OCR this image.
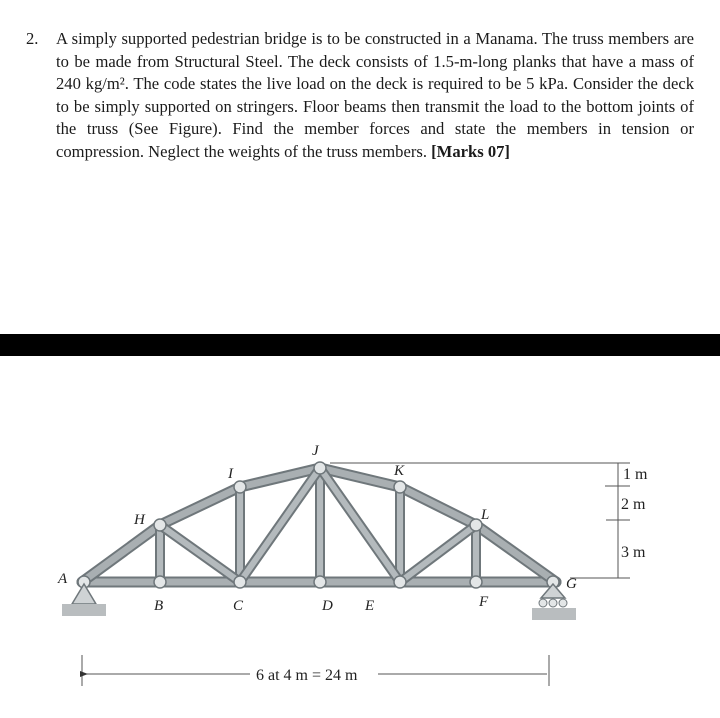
2. A simply supported pedestrian bridge is to be constructed in a Manama. The truss members are to be made from Structural Steel. The deck consists of 1.5-m-long planks that have a mass of 240 kg/m². The code states the live load on the deck is required to be 5 kPa. Consider the deck to be simply supported on stringers. Floor beams then transmit the load to the bottom joints of the truss (See Figure). Find the member forces and state the members in tension or compression. Neglect the weights of the truss members. [Marks 07]
A
B	C	D E	F
G
H
I
J
K
L
1 m
2 m
3 m
6 at 4 m = 24 m
